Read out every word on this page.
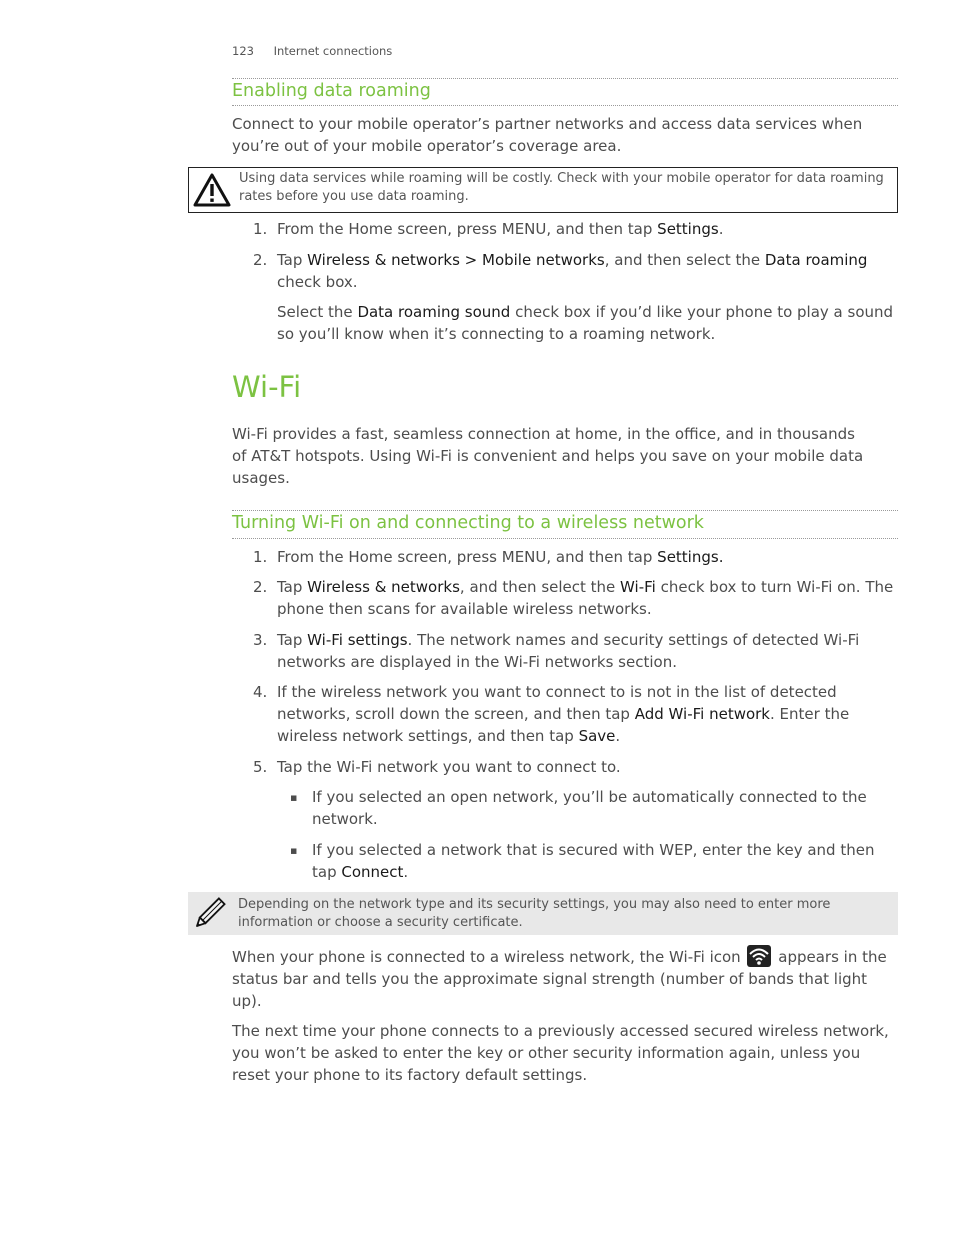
123 Internet connections
Enabling data roaming

Connect to your mobile operator’s partner networks and access data services when you’re out of your mobile operator’s coverage area.

Using data services while roaming will be costly. Check with your mobile operator for data roaming rates before you use data roaming.
1. From the Home screen, press MENU, and then tap Settings.
2. Tap Wireless & networks > Mobile networks, and then select the Data roaming check box.
Select the Data roaming sound check box if you’d like your phone to play a sound so you’ll know when it’s connecting to a roaming network.
Wi-Fi

Wi-Fi provides a fast, seamless connection at home, in the office, and in thousands of AT&T hotspots. Using Wi-Fi is convenient and helps you save on your mobile data usages.

Turning Wi-Fi on and connecting to a wireless network
1. From the Home screen, press MENU, and then tap Settings.
2. Tap Wireless & networks, and then select the Wi-Fi check box to turn Wi-Fi on. The phone then scans for available wireless networks.
3. Tap Wi-Fi settings. The network names and security settings of detected Wi-Fi networks are displayed in the Wi-Fi networks section.
4. If the wireless network you want to connect to is not in the list of detected networks, scroll down the screen, and then tap Add Wi-Fi network. Enter the wireless network settings, and then tap Save.
5. Tap the Wi-Fi network you want to connect to.
▪ If you selected an open network, you’ll be automatically connected to the network.
▪ If you selected a network that is secured with WEP, enter the key and then tap Connect.
Depending on the network type and its security settings, you may also need to enter more information or choose a security certificate.

When your phone is connected to a wireless network, the Wi-Fi icon	appears in the status bar and tells you the approximate signal strength (number of bands that light up).

The next time your phone connects to a previously accessed secured wireless network, you won’t be asked to enter the key or other security information again, unless you reset your phone to its factory default settings.
